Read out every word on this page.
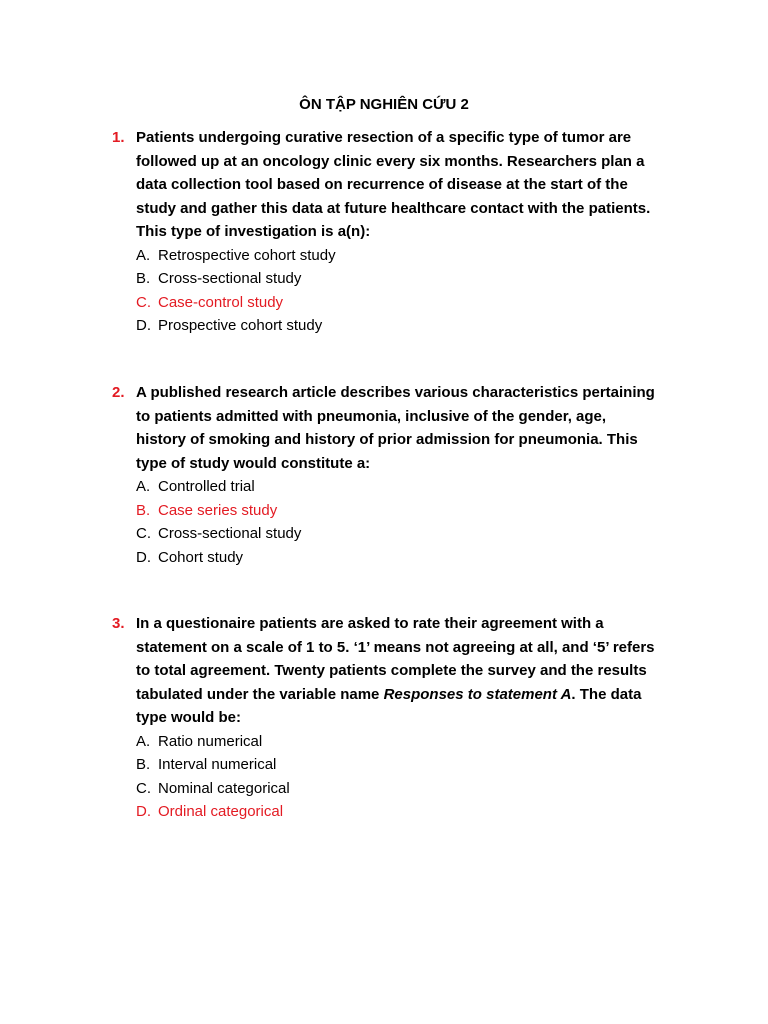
ÔN TẬP NGHIÊN CỨU 2
1. Patients undergoing curative resection of a specific type of tumor are followed up at an oncology clinic every six months. Researchers plan a data collection tool based on recurrence of disease at the start of the study and gather this data at future healthcare contact with the patients. This type of investigation is a(n):
A. Retrospective cohort study
B. Cross-sectional study
C. Case-control study
D. Prospective cohort study
2. A published research article describes various characteristics pertaining to patients admitted with pneumonia, inclusive of the gender, age, history of smoking and history of prior admission for pneumonia. This type of study would constitute a:
A. Controlled trial
B. Case series study
C. Cross-sectional study
D. Cohort study
3. In a questionaire patients are asked to rate their agreement with a statement on a scale of 1 to 5. ‘1’ means not agreeing at all, and ‘5’ refers to total agreement. Twenty patients complete the survey and the results tabulated under the variable name Responses to statement A. The data type would be:
A. Ratio numerical
B. Interval numerical
C. Nominal categorical
D. Ordinal categorical
